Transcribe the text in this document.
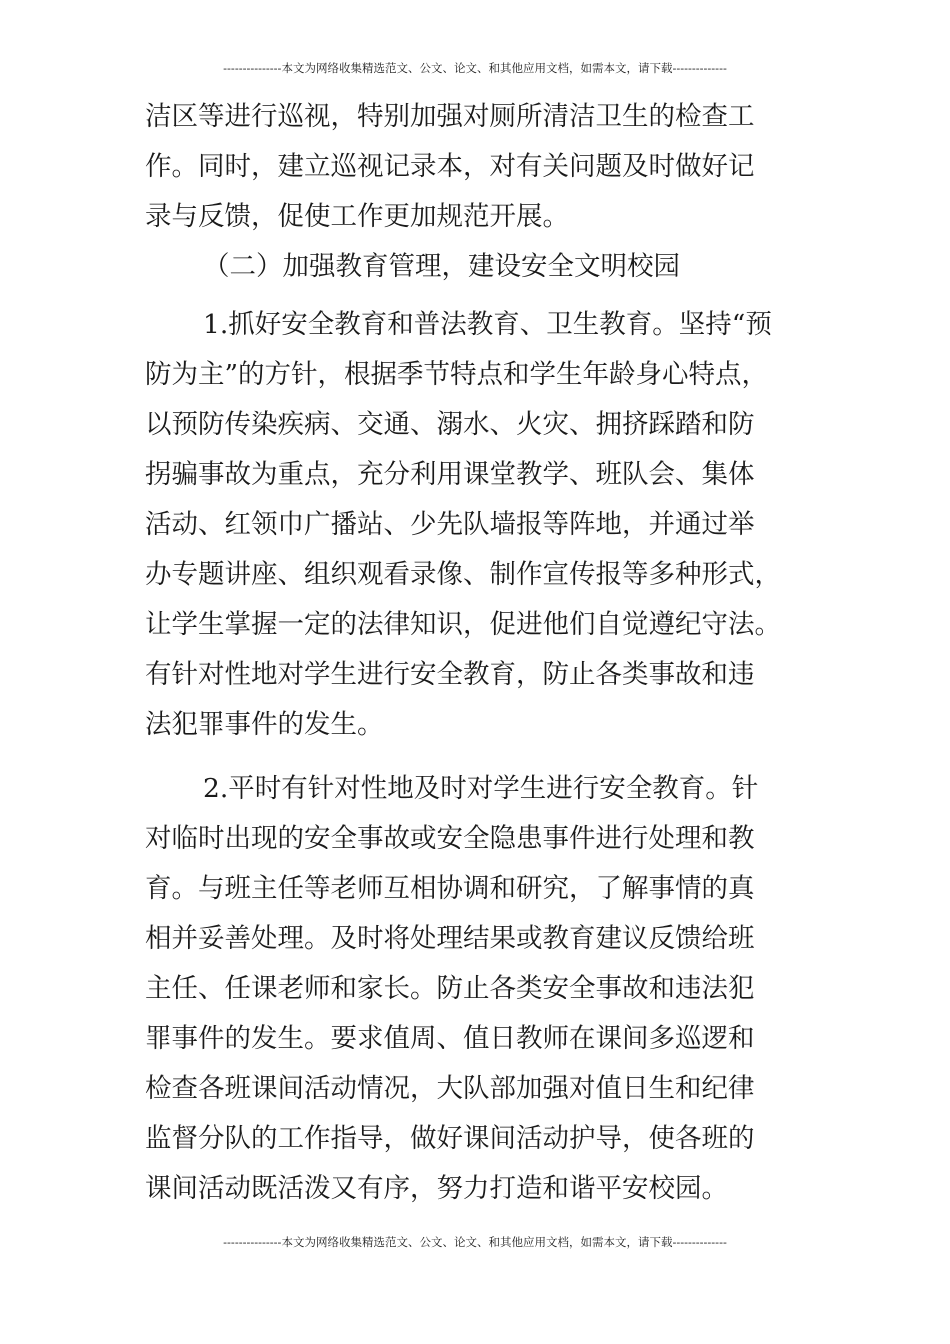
---------------本文为网络收集精选范文、公文、论文、和其他应用文档，如需本文，请下载--------------
洁区等进行巡视，特别加强对厕所清洁卫生的检查工
作。同时，建立巡视记录本，对有关问题及时做好记
录与反馈，促使工作更加规范开展。
（二）加强教育管理，建设安全文明校园
1.抓好安全教育和普法教育、卫生教育。坚持“预
防为主”的方针，根据季节特点和学生年龄身心特点，
以预防传染疾病、交通、溺水、火灾、拥挤踩踏和防
拐骗事故为重点，充分利用课堂教学、班队会、集体
活动、红领巾广播站、少先队墙报等阵地，并通过举
办专题讲座、组织观看录像、制作宣传报等多种形式，
让学生掌握一定的法律知识，促进他们自觉遵纪守法。
有针对性地对学生进行安全教育，防止各类事故和违
法犯罪事件的发生。
2.平时有针对性地及时对学生进行安全教育。针
对临时出现的安全事故或安全隐患事件进行处理和教
育。与班主任等老师互相协调和研究，了解事情的真
相并妥善处理。及时将处理结果或教育建议反馈给班
主任、任课老师和家长。防止各类安全事故和违法犯
罪事件的发生。要求值周、值日教师在课间多巡逻和
检查各班课间活动情况，大队部加强对值日生和纪律
监督分队的工作指导，做好课间活动护导，使各班的
课间活动既活泼又有序，努力打造和谐平安校园。
---------------本文为网络收集精选范文、公文、论文、和其他应用文档，如需本文，请下载--------------
